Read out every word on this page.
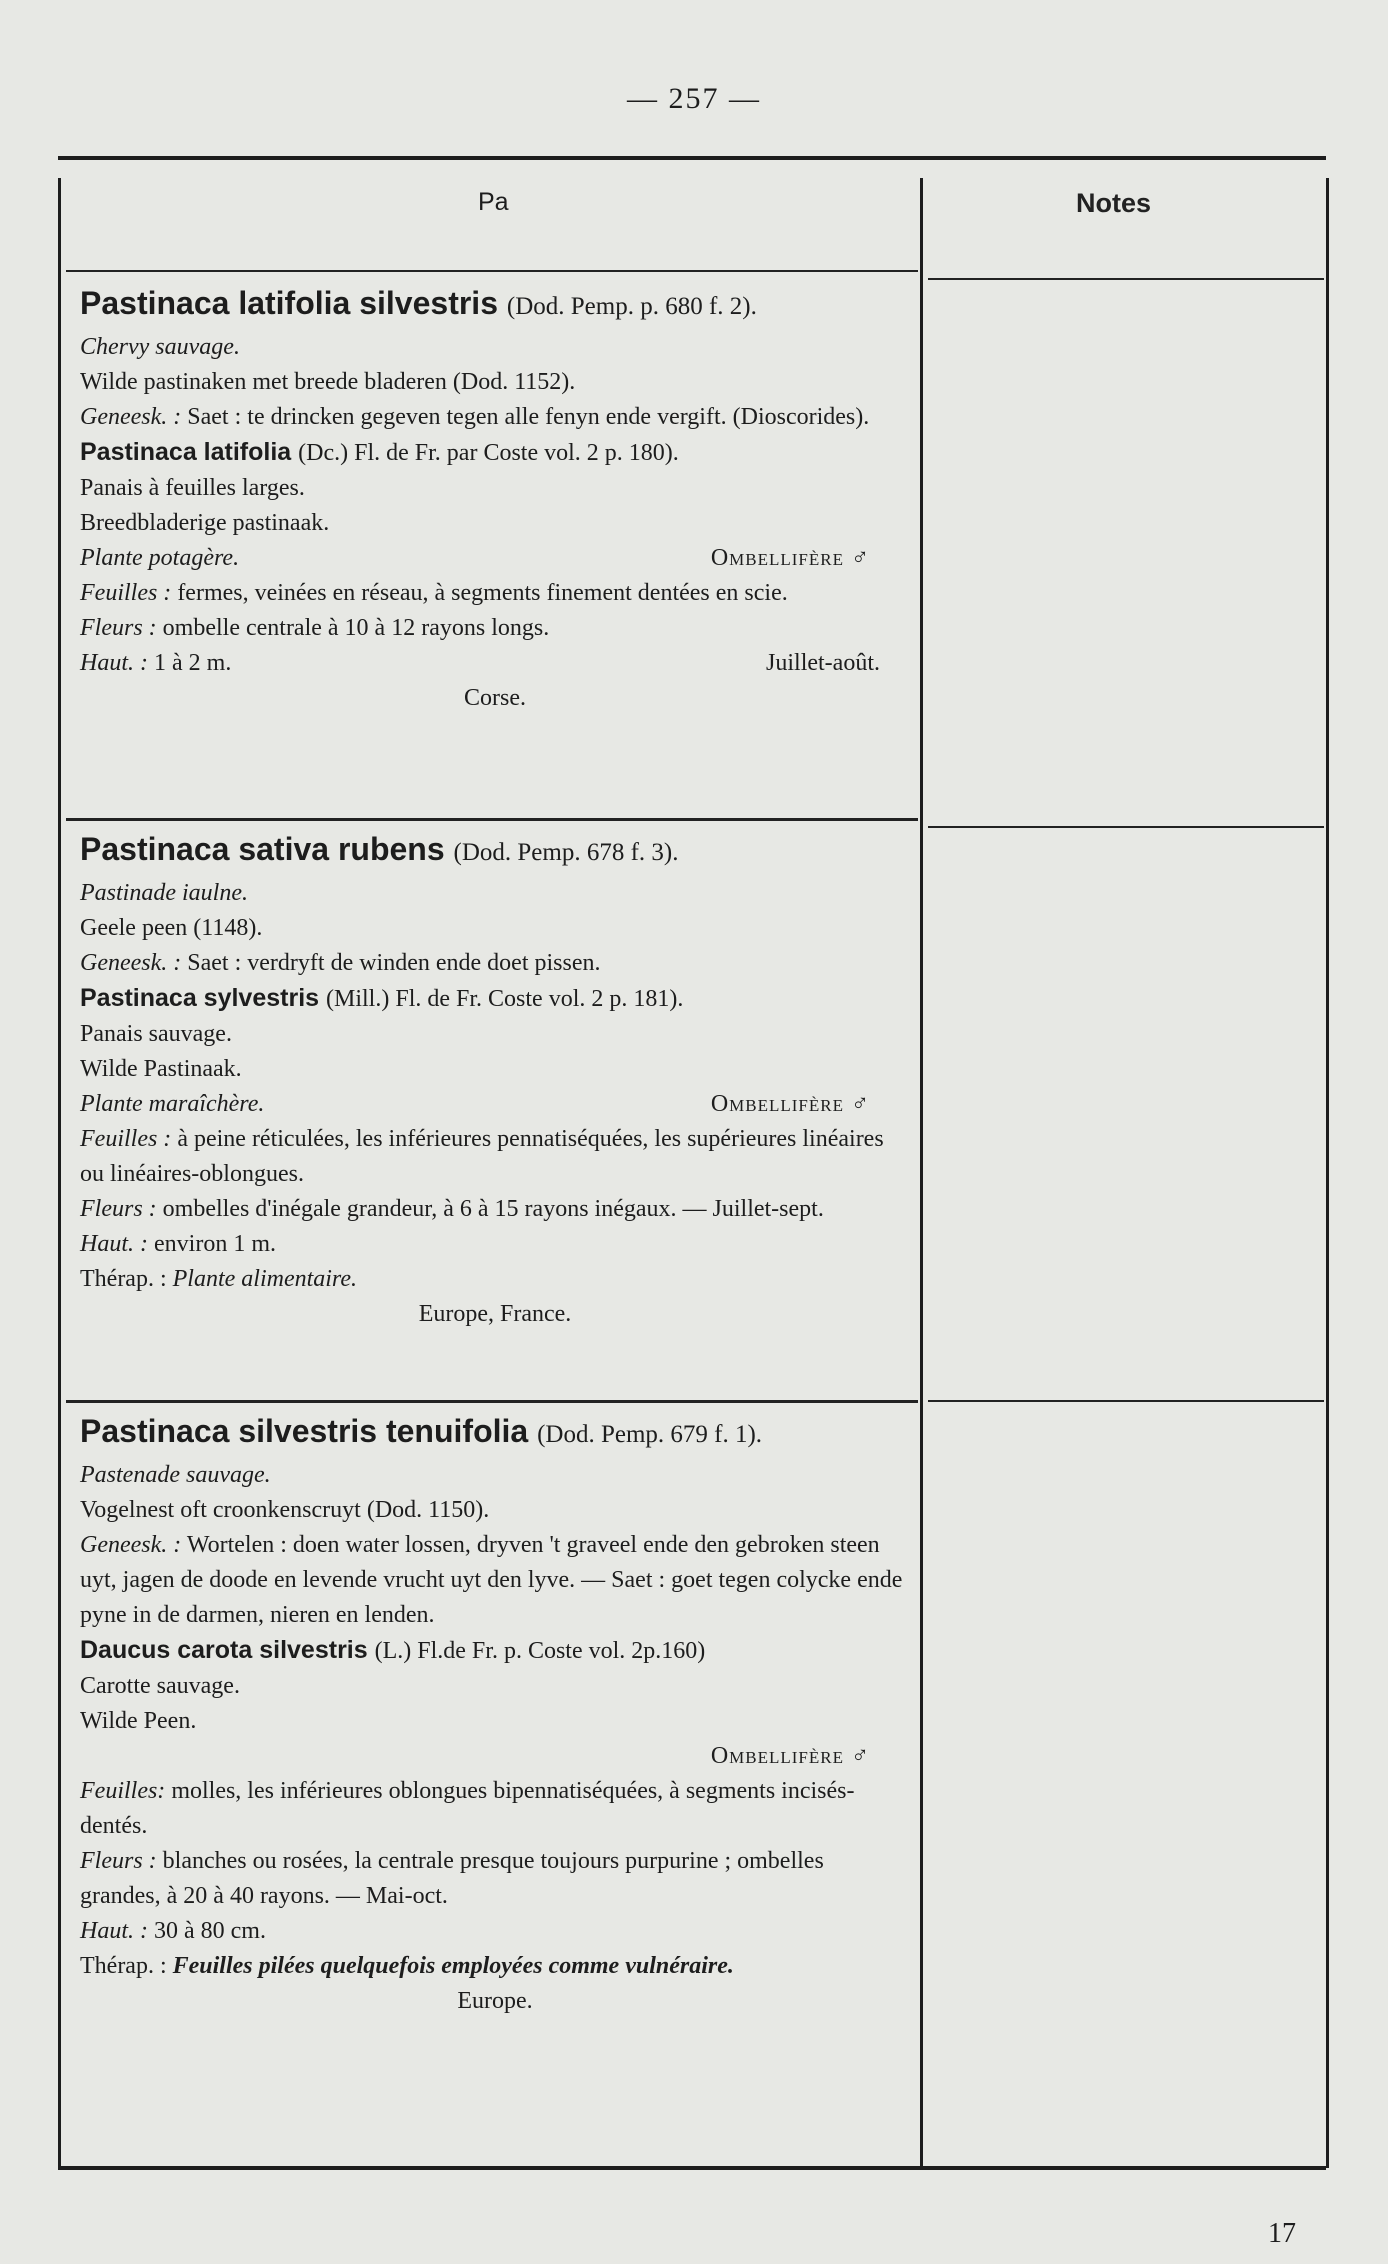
— 257 —
Pa	Notes

Pastinaca latifolia silvestris (Dod. Pemp. p. 680 f. 2).

Chervy sauvage.

Wilde pastinaken met breede bladeren (Dod. 1152).

Geneesk. : Saet : te drincken gegeven tegen alle fenyn ende vergift. (Dioscorides).

Pastinaca latifolia (Dc.) Fl. de Fr. par Coste vol. 2 p. 180).

Panais à feuilles larges.

Breedbladerige pastinaak.

Plante potagère.	Ombellifère ♂

Feuilles : fermes, veinées en réseau, à segments finement dentées en scie.

Fleurs : ombelle centrale à 10 à 12 rayons longs.

Haut. : 1 à 2 m.	Juillet-août.

Corse.

Pastinaca sativa rubens (Dod. Pemp. 678 f. 3).

Pastinade iaulne.

Geele peen (1148).

Geneesk. : Saet : verdryft de winden ende doet pissen.

Pastinaca sylvestris (Mill.) Fl. de Fr. Coste vol. 2 p. 181).

Panais sauvage.

Wilde Pastinaak.

Plante maraîchère.	Ombellifère ♂

Feuilles : à peine réticulées, les inférieures pennatiséquées, les supérieures linéaires ou linéaires-oblongues.

Fleurs : ombelles d'inégale grandeur, à 6 à 15 rayons inégaux. — Juillet-sept.

Haut. : environ 1 m.

Thérap. : Plante alimentaire.

Europe, France.

Pastinaca silvestris tenuifolia (Dod. Pemp. 679 f. 1).

Pastenade sauvage.

Vogelnest oft croonkenscruyt (Dod. 1150).

Geneesk. : Wortelen : doen water lossen, dryven 't graveel ende den gebroken steen uyt, jagen de doode en levende vrucht uyt den lyve. — Saet : goet tegen colycke ende pyne in de darmen, nieren en lenden.

Daucus carota silvestris (L.) Fl.de Fr. p. Coste vol. 2p.160)

Carotte sauvage.

Wilde Peen.

Ombellifère ♂

Feuilles: molles, les inférieures oblongues bipennatiséquées, à segments incisés-dentés.

Fleurs : blanches ou rosées, la centrale presque toujours purpurine ; ombelles grandes, à 20 à 40 rayons. — Mai-oct.

Haut. : 30 à 80 cm.

Thérap. : Feuilles pilées quelquefois employées comme vulnéraire.

Europe.

17
